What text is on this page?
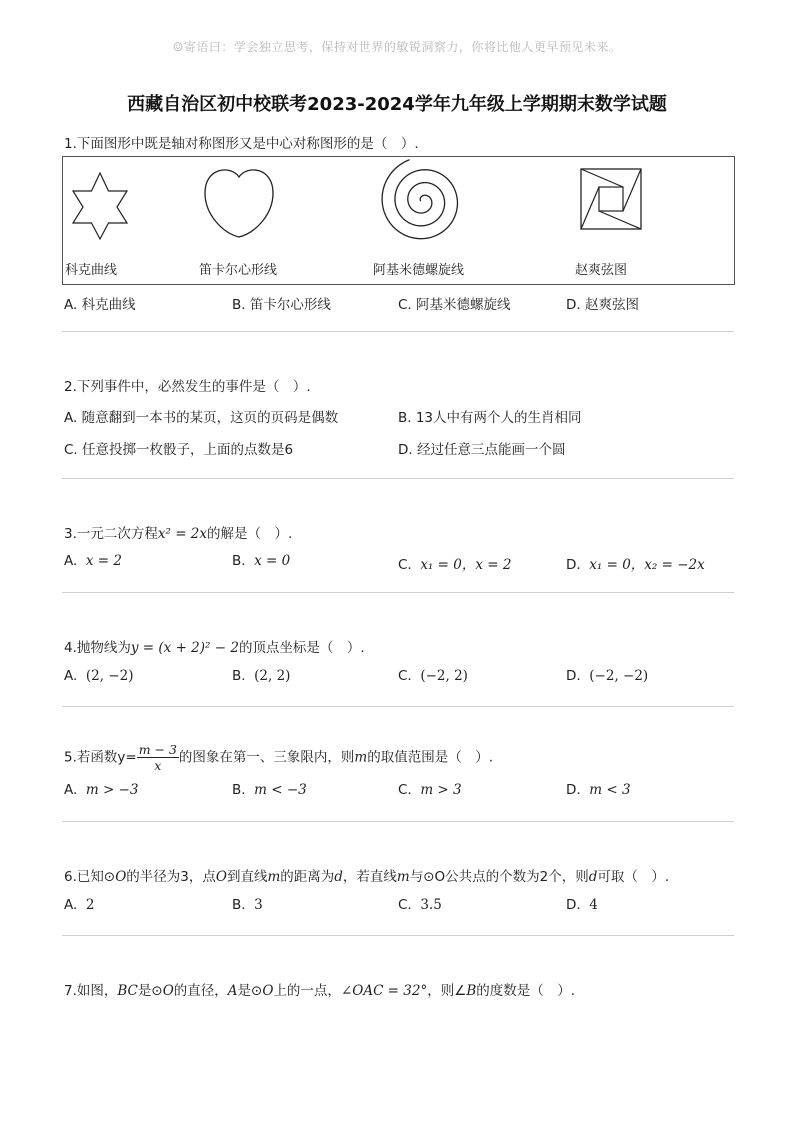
☺寄语曰：学会独立思考，保持对世界的敏锐洞察力，你将比他人更早预见未来。
西藏自治区初中校联考2023-2024学年九年级上学期期末数学试题
1.下面图形中既是轴对称图形又是中心对称图形的是（　）.
科克曲线	笛卡尔心形线	阿基米德螺旋线	赵爽弦图
A. 科克曲线	B. 笛卡尔心形线	C. 阿基米德螺旋线	D. 赵爽弦图
2.下列事件中，必然发生的事件是（　）.
A. 随意翻到一本书的某页，这页的页码是偶数	B. 13人中有两个人的生肖相同
C. 任意投掷一枚骰子，上面的点数是6	D. 经过任意三点能画一个圆
3.一元二次方程x² = 2x的解是（　）.
A. x = 2	B. x = 0	C. x₁ = 0，x = 2	D. x₁ = 0，x₂ = −2x
4.抛物线为y = (x + 2)² − 2的顶点坐标是（　）.
A. (2, −2)	B. (2, 2)	C. (−2, 2)	D. (−2, −2)
5.若函数$y= \frac{m - 3}{x}$ 的图象在第一、三象限内，则m的取值范围是（　）.
A. m > −3	B. m < −3	C. m > 3	D. m < 3
6.已知⊙O的半径为3，点O到直线m的距离为d，若直线m与⊙O公共点的个数为2个，则d可取（　）.
A. 2	B. 3	C. 3.5	D. 4
7.如图，BC是⊙O的直径，A是⊙O上的一点，∠OAC = 32°，则∠B的度数是（　）.
